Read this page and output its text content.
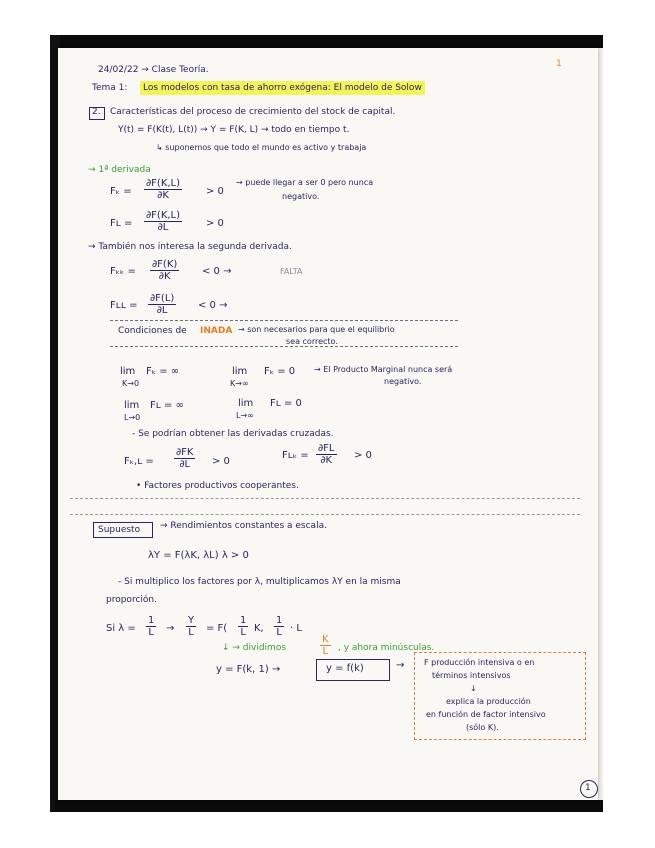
24/02/22 → Clase Teoría.
1
Tema 1:	Los modelos con tasa de ahorro exógena: El modelo de Solow
2. Características del proceso de crecimiento del stock de capital.
Y(t) = F(K(t), L(t)) → Y = F(K, L) → todo en tiempo t.
↳ suponemos que todo el mundo es activo y trabaja
→ 1ª derivada
$F_k = \frac{\partial F(K,L)}{\partial K} > 0$
→ puede llegar a ser 0 pero nunca
negativo.
Fʟ = $\frac{\partial F(K,L)}{\partial L} > 0$
→ También nos interesa la segunda derivada.
$F_{kk} = \frac{\partial F(K)}{\partial K} < 0$ →	FALTA
Fʟʟ = $\frac{\partial F(L)}{\partial L} < 0$ →
Condiciones de INADA → son necesarios para que el equilibrio
sea correcto.
lim
K→0
Fₖ = ∞	lim
K→∞
Fₖ = 0 → El Producto Marginal nunca será
negativo.
lim
L→0
Fʟ = ∞	lim
L→∞
Fʟ = 0
- Se podrían obtener las derivadas cruzadas.
Fₖ,ʟ = $\frac{\partial FK}{\partial L} > 0$
Fʟₖ = $\frac{\partial FL}{\partial K} > 0$
• Factores productivos cooperantes.
Supuesto → Rendimientos constantes a escala.
λY = F(λK, λL) λ > 0
- Si multiplico los factores por λ, multiplicamos λY en la misma
proporción.
Si $\lambda = \frac{1}{L} \to \frac{Y}{L} = F( \frac{1}{L} K$, $\frac{1}{L} \cdot L$
↓ → dividimos	$\frac{K}{L}$ , y ahora minúsculas.
y = F(k, 1) →	y = f(k)	→ F producción intensiva o en
términos intensivos
↓
explica la producción
en función de factor intensivo
(sólo K).
1
